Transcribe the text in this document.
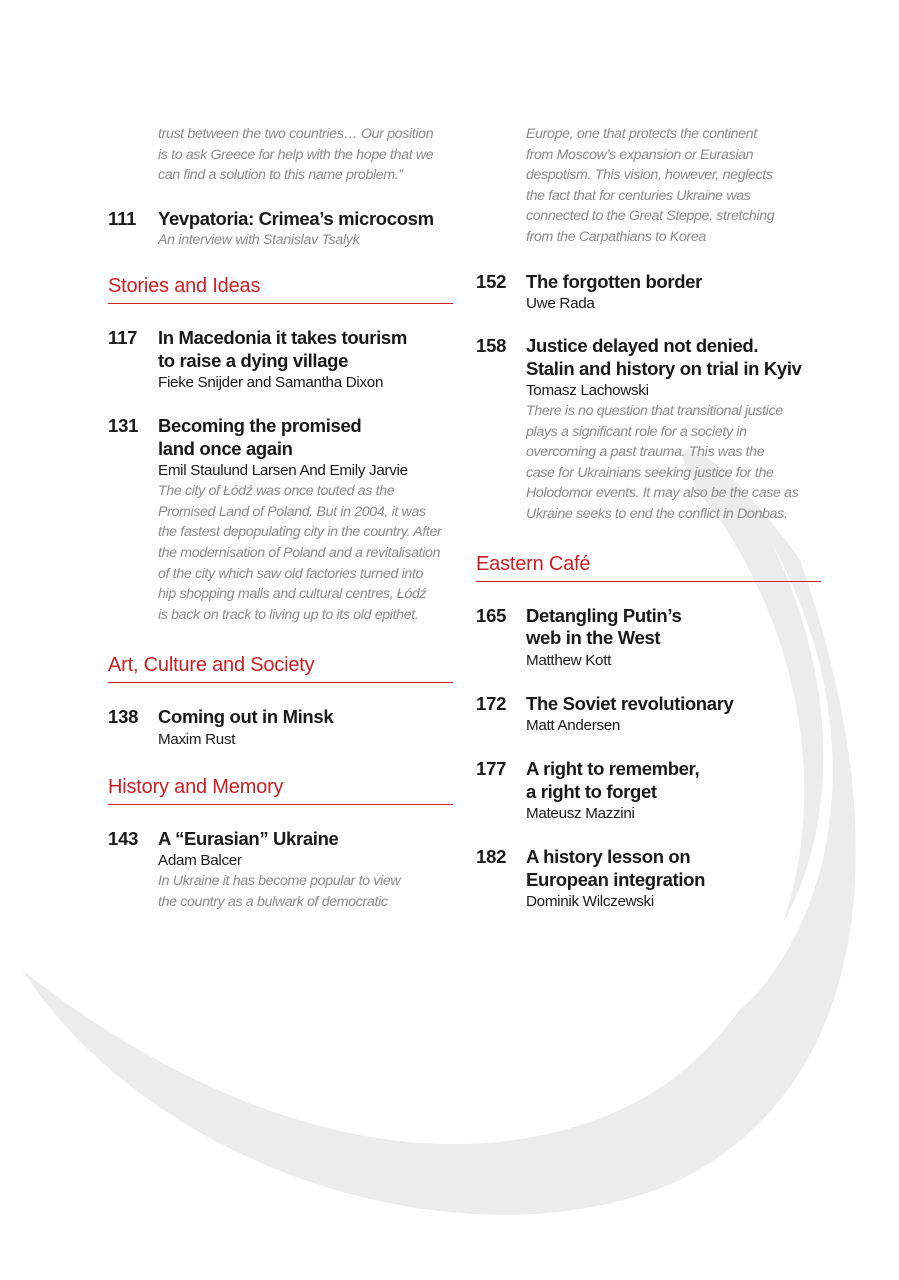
trust between the two countries… Our position
is to ask Greece for help with the hope that we
can find a solution to this name problem.”

111	Yevpatoria: Crimea’s microcosm
An interview with Stanislav Tsalyk
Stories and Ideas
117	In Macedonia it takes tourism
to raise a dying village
Fieke Snijder and Samantha Dixon
131	Becoming the promised
land once again
Emil Staulund Larsen And Emily Jarvie

The city of Łódź was once touted as the
Promised Land of Poland. But in 2004, it was
the fastest depopulating city in the country. After
the modernisation of Poland and a revitalisation
of the city which saw old factories turned into
hip shopping malls and cultural centres, Łódź
is back on track to living up to its old epithet.

Art, Culture and Society
138	Coming out in Minsk
Maxim Rust
History and Memory
143	A “Eurasian” Ukraine
Adam Balcer

In Ukraine it has become popular to view
the country as a bulwark of democratic

Europe, one that protects the continent
from Moscow’s expansion or Eurasian
despotism. This vision, however, neglects
the fact that for centuries Ukraine was
connected to the Great Steppe, stretching
from the Carpathians to Korea

152	The forgotten border
Uwe Rada
158	Justice delayed not denied.
Stalin and history on trial in Kyiv
Tomasz Lachowski

There is no question that transitional justice
plays a significant role for a society in
overcoming a past trauma. This was the
case for Ukrainians seeking justice for the
Holodomor events. It may also be the case as
Ukraine seeks to end the conflict in Donbas.

Eastern Café
165	Detangling Putin’s
web in the West
Matthew Kott
172	The Soviet revolutionary
Matt Andersen
177	A right to remember,
a right to forget
Mateusz Mazzini
182	A history lesson on
European integration
Dominik Wilczewski
